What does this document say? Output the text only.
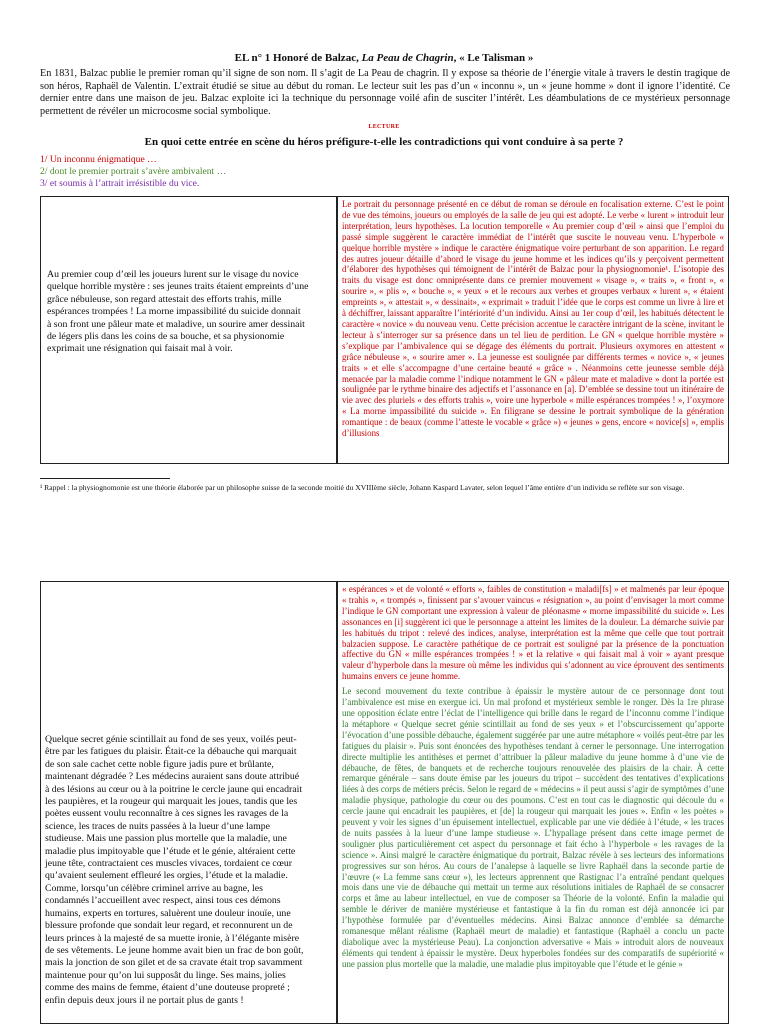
EL n° 1 Honoré de Balzac, La Peau de Chagrin, « Le Talisman »
En 1831, Balzac publie le premier roman qu’il signe de son nom. Il s’agit de La Peau de chagrin. Il y expose sa théorie de l’énergie vitale à travers le destin tragique de son héros, Raphaël de Valentin. L’extrait étudié se situe au début du roman. Le lecteur suit les pas d’un « inconnu », un « jeune homme » dont il ignore l’identité. Ce dernier entre dans une maison de jeu. Balzac exploite ici la technique du personnage voilé afin de susciter l’intérêt. Les déambulations de ce mystérieux personnage permettent de révéler un microcosme social symbolique.
LECTURE
En quoi cette entrée en scène du héros préfigure-t-elle les contradictions qui vont conduire à sa perte ?
1/ Un inconnu énigmatique …
2/ dont le premier portrait s’avère ambivalent …
3/ et soumis à l’attrait irrésistible du vice.
Au premier coup d’œil les joueurs lurent sur le visage du novice
quelque horrible mystère : ses jeunes traits étaient empreints d’une
grâce nébuleuse, son regard attestait des efforts trahis, mille
espérances trompées ! La morne impassibilité du suicide donnait
à son front une pâleur mate et maladive, un sourire amer dessinait
de légers plis dans les coins de sa bouche, et sa physionomie
exprimait une résignation qui faisait mal à voir.
Le portrait du personnage présenté en ce début de roman se déroule en focalisation externe. C’est le point de vue des témoins, joueurs ou employés de la salle de jeu qui est adopté. Le verbe « lurent » introduit leur interprétation, leurs hypothèses. La locution temporelle « Au premier coup d’œil » ainsi que l’emploi du passé simple suggèrent le caractère immédiat de l’intérêt que suscite le nouveau venu. L’hyperbole « quelque horrible mystère » indique le caractère énigmatique voire perturbant de son apparition. Le regard des autres joueur détaille d’abord le visage du jeune homme et les indices qu’ils y perçoivent permettent d’élaborer des hypothèses qui témoignent de l’intérêt de Balzac pour la physiognomonie¹. L’isotopie des traits du visage est donc omniprésente dans ce premier mouvement « visage », « traits », « front », « sourire », « plis », « bouche », « yeux » et le recours aux verbes et groupes verbaux « lurent », « étaient empreints », « attestait », « dessinait», « exprimait » traduit l’idée que le corps est comme un livre à lire et à déchiffrer, laissant apparaître l’intériorité d’un individu. Ainsi au 1er coup d’œil, les habitués détectent le caractère « novice » du nouveau venu. Cette précision accentue le caractère intrigant de la scène, invitant le lecteur à s’interroger sur sa présence dans un tel lieu de perdition. Le GN « quelque horrible mystère » s’explique par l’ambivalence qui se dégage des éléments du portrait. Plusieurs oxymores en attestent « grâce nébuleuse », « sourire amer ». La jeunesse est soulignée par différents termes « novice », « jeunes traits » et elle s’accompagne d’une certaine beauté « grâce » . Néanmoins cette jeunesse semble déjà menacée par la maladie comme l’indique notamment le GN « pâleur mate et maladive » dont la portée est soulignée par le rythme binaire des adjectifs et l’assonance en [a]. D’emblée se dessine tout un itinéraire de vie avec des pluriels « des efforts trahis », voire une hyperbole « mille espérances trompées ! », l’oxymore « La morne impassibilité du suicide ». En filigrane se dessine le portrait symbolique de la génération romantique : de beaux (comme l’atteste le vocable « grâce ») « jeunes » gens, encore « novice[s] », emplis d’illusions
¹ Rappel : la physiognomonie est une théorie élaborée par un philosophe suisse de la seconde moitié du XVIIIème siècle, Johann Kaspard Lavater, selon lequel l’âme entière d’un individu se reflète sur son visage.
Quelque secret génie scintillait au fond de ses yeux, voilés peut-
être par les fatigues du plaisir. Était-ce la débauche qui marquait
de son sale cachet cette noble figure jadis pure et brûlante,
maintenant dégradée ? Les médecins auraient sans doute attribué
à des lésions au cœur ou à la poitrine le cercle jaune qui encadrait
les paupières, et la rougeur qui marquait les joues, tandis que les
poètes eussent voulu reconnaître à ces signes les ravages de la
science, les traces de nuits passées à la lueur d’une lampe
studieuse. Mais une passion plus mortelle que la maladie, une
maladie plus impitoyable que l’étude et le génie, altéraient cette
jeune tête, contractaient ces muscles vivaces, tordaient ce cœur
qu’avaient seulement effleuré les orgies, l’étude et la maladie.
Comme, lorsqu’un célèbre criminel arrive au bagne, les
condamnés l’accueillent avec respect, ainsi tous ces démons
humains, experts en tortures, saluèrent une douleur inouïe, une
blessure profonde que sondait leur regard, et reconnurent un de
leurs princes à la majesté de sa muette ironie, à l’élégante misère
de ses vêtements. Le jeune homme avait bien un frac de bon goût,
mais la jonction de son gilet et de sa cravate était trop savamment
maintenue pour qu’on lui supposât du linge. Ses mains, jolies
comme des mains de femme, étaient d’une douteuse propreté ;
enfin depuis deux jours il ne portait plus de gants !
« espérances » et de volonté « efforts », faibles de constitution « maladi[fs] » et malmenés par leur époque « trahis », « trompés », finissent par s’avouer vaincus « résignation », au point d’envisager la mort comme l’indique le GN comportant une expression à valeur de pléonasme « morne impassibilité du suicide ». Les assonances en [i] suggèrent ici que le personnage a atteint les limites de la douleur. La démarche suivie par les habitués du tripot : relevé des indices, analyse, interprétation est la même que celle que tout portrait balzacien suppose. Le caractère pathétique de ce portrait est souligné par la présence de la ponctuation affective du GN « mille espérances trompées ! » et la relative « qui faisait mal à voir » ayant presque valeur d’hyperbole dans la mesure où même les individus qui s’adonnent au vice éprouvent des sentiments humains envers ce jeune homme.
Le second mouvement du texte contribue à épaissir le mystère autour de ce personnage dont tout l’ambivalence est mise en exergue ici. Un mal profond et mystérieux semble le ronger. Dès la 1re phrase une opposition éclate entre l’éclat de l’intelligence qui brille dans le regard de l’inconnu comme l’indique la métaphore « Quelque secret génie scintillait au fond de ses yeux » et l’obscurcissement qu’apporte l’évocation d’une possible débauche, également suggérée par une autre métaphore « voilés peut-être par les fatigues du plaisir ». Puis sont énoncées des hypothèses tendant à cerner le personnage. Une interrogation directe multiplie les antithèses et permet d’attribuer la pâleur maladive du jeune homme à d’une vie de débauche, de fêtes, de banquets et de recherche toujours renouvelée des plaisirs de la chair. À cette remarque générale – sans doute émise par les joueurs du tripot – succèdent des tentatives d’explications liées à des corps de métiers précis. Selon le regard de « médecins » il peut aussi s’agir de symptômes d’une maladie physique, pathologie du cœur ou des poumons. C’est en tout cas le diagnostic qui découle du « cercle jaune qui encadrait les paupières, et [de] la rougeur qui marquait les joues ». Enfin « les poètes » peuvent y voir les signes d’un épuisement intellectuel, explicable par une vie dédiée à l’étude, « les traces de nuits passées à la lueur d’une lampe studieuse ». L’hypallage présent dans cette image permet de souligner plus particulièrement cet aspect du personnage et fait écho à l’hyperbole « les ravages de la science ». Ainsi malgré le caractère énigmatique du portrait, Balzac révèle à ses lecteurs des informations progressives sur son héros. Au cours de l’analepse à laquelle se livre Raphaël dans la seconde partie de l’œuvre (« La femme sans cœur »), les lecteurs apprennent que Rastignac l’a entraîné pendant quelques mois dans une vie de débauche qui mettait un terme aux résolutions initiales de Raphaël de se consacrer corps et âme au labeur intellectuel, en vue de composer sa Théorie de la volonté. Enfin la maladie qui semble le dériver de manière mystérieuse et fantastique à la fin du roman est déjà annoncée ici par l’hypothèse formulée par d’éventuelles médecins. Ainsi Balzac annonce d’emblée sa démarche romanesque mêlant réalisme (Raphaël meurt de maladie) et fantastique (Raphaël a conclu un pacte diabolique avec la mystérieuse Peau). La conjonction adversative « Mais » introduit alors de nouveaux éléments qui tendent à épaissir le mystère. Deux hyperboles fondées sur des comparatifs de supériorité « une passion plus mortelle que la maladie, une maladie plus impitoyable que l’étude et le génie »
